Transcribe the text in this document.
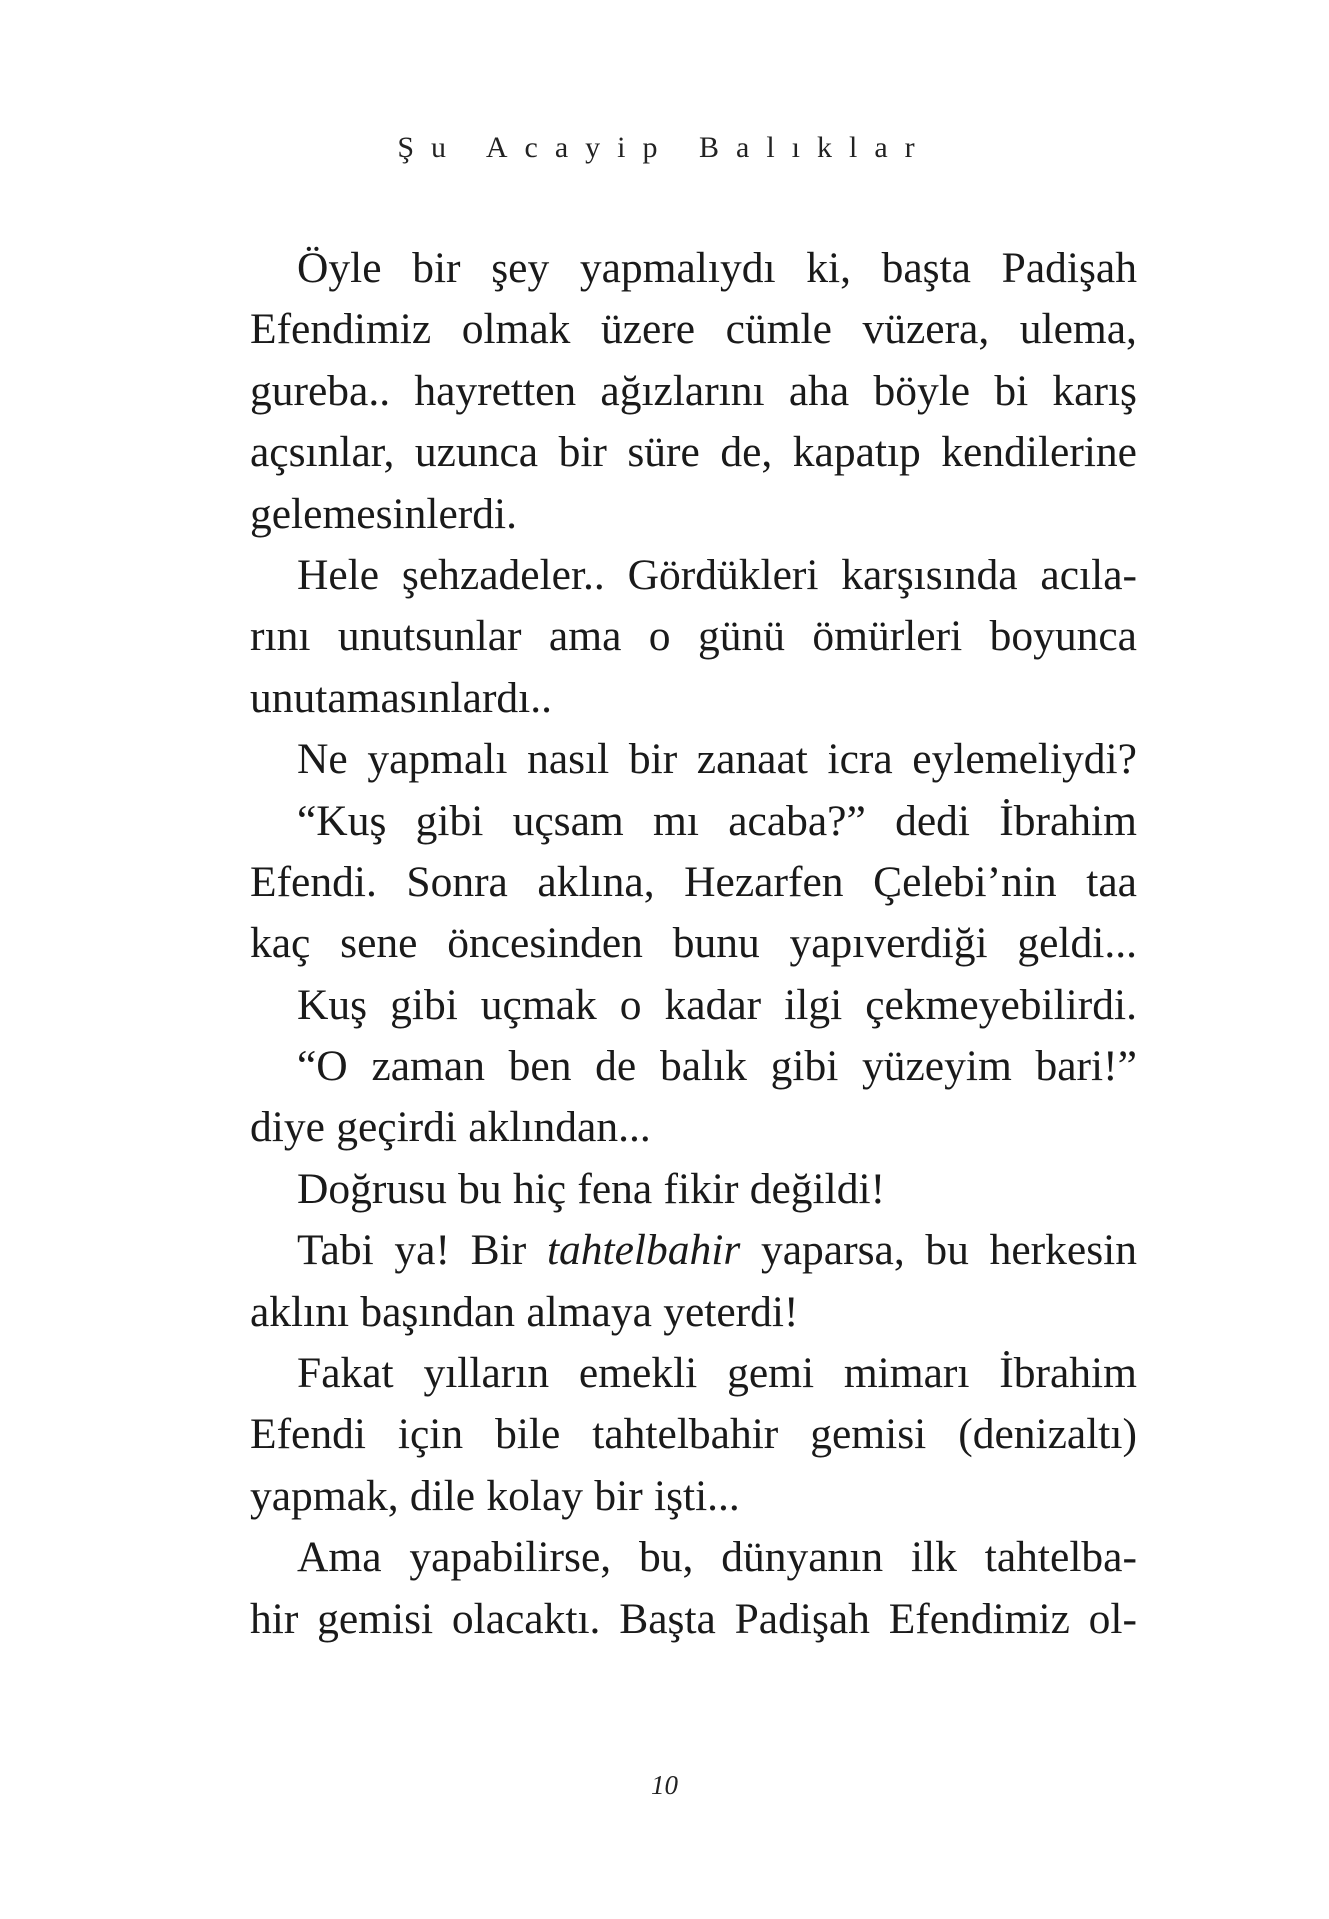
Şu Acayip Balıklar
Öyle bir şey yapmalıydı ki, başta Padişah
Efendimiz olmak üzere cümle vüzera, ulema,
gureba.. hayretten ağızlarını aha böyle bi karış
açsınlar, uzunca bir süre de, kapatıp kendilerine
gelemesinlerdi.
Hele şehzadeler.. Gördükleri karşısında acıla-
rını unutsunlar ama o günü ömürleri boyunca
unutamasınlardı..
Ne yapmalı nasıl bir zanaat icra eylemeliydi?
“Kuş gibi uçsam mı acaba?” dedi İbrahim
Efendi. Sonra aklına, Hezarfen Çelebi’nin taa
kaç sene öncesinden bunu yapıverdiği geldi...
Kuş gibi uçmak o kadar ilgi çekmeyebilirdi.
“O zaman ben de balık gibi yüzeyim bari!”
diye geçirdi aklından...
Doğrusu bu hiç fena fikir değildi!
Tabi ya! Bir tahtelbahir yaparsa, bu herkesin
aklını başından almaya yeterdi!
Fakat yılların emekli gemi mimarı İbrahim
Efendi için bile tahtelbahir gemisi (denizaltı)
yapmak, dile kolay bir işti...
Ama yapabilirse, bu, dünyanın ilk tahtelba-
hir gemisi olacaktı. Başta Padişah Efendimiz ol-
10
